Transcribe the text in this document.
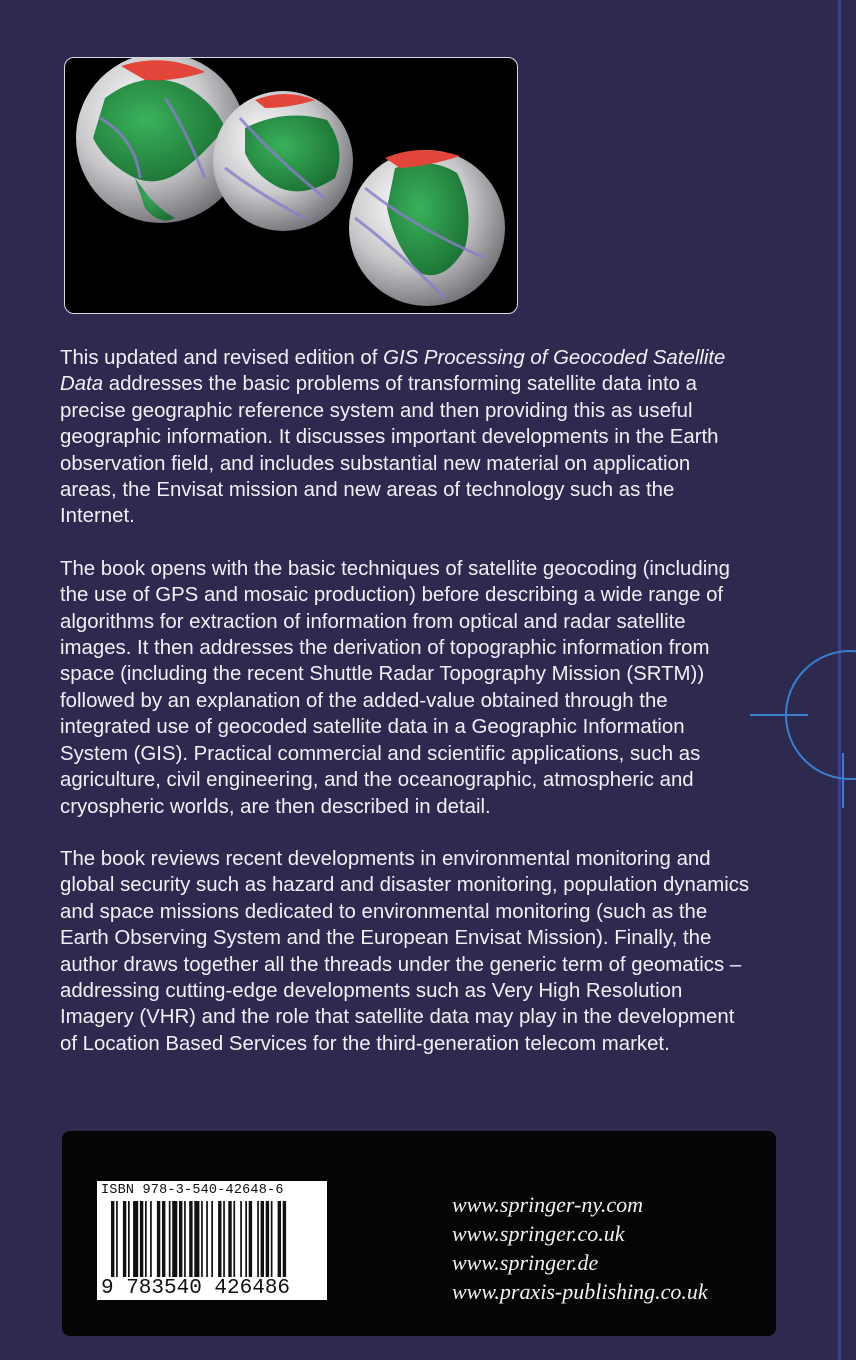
This updated and revised edition of GIS Processing of Geocoded Satellite Data addresses the basic problems of transforming satellite data into a precise geographic reference system and then providing this as useful geographic information. It discusses important developments in the Earth observation field, and includes substantial new material on application areas, the Envisat mission and new areas of technology such as the Internet.

The book opens with the basic techniques of satellite geocoding (including the use of GPS and mosaic production) before describing a wide range of algorithms for extraction of information from optical and radar satellite images. It then addresses the derivation of topographic information from space (including the recent Shuttle Radar Topography Mission (SRTM)) followed by an explanation of the added-value obtained through the integrated use of geocoded satellite data in a Geographic Information System (GIS). Practical commercial and scientific applications, such as agriculture, civil engineering, and the oceanographic, atmospheric and cryospheric worlds, are then described in detail.

The book reviews recent developments in environmental monitoring and global security such as hazard and disaster monitoring, population dynamics and space missions dedicated to environmental monitoring (such as the Earth Observing System and the European Envisat Mission). Finally, the author draws together all the threads under the generic term of geomatics – addressing cutting-edge developments such as Very High Resolution Imagery (VHR) and the role that satellite data may play in the development of Location Based Services for the third-generation telecom market.

ISBN 978-3-540-42648-6
9 783540 426486
www.springer-ny.com
www.springer.co.uk
www.springer.de
www.praxis-publishing.co.uk
